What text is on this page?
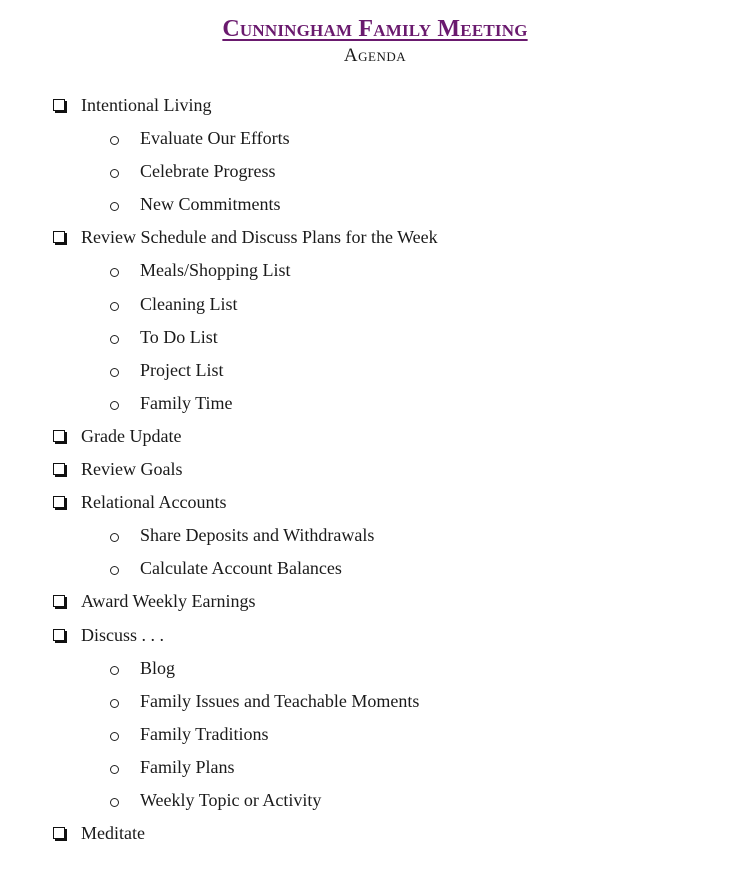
Cunningham Family Meeting
Agenda
Intentional Living
Evaluate Our Efforts
Celebrate Progress
New Commitments
Review Schedule and Discuss Plans for the Week
Meals/Shopping List
Cleaning List
To Do List
Project List
Family Time
Grade Update
Review Goals
Relational Accounts
Share Deposits and Withdrawals
Calculate Account Balances
Award Weekly Earnings
Discuss . . .
Blog
Family Issues and Teachable Moments
Family Traditions
Family Plans
Weekly Topic or Activity
Meditate
